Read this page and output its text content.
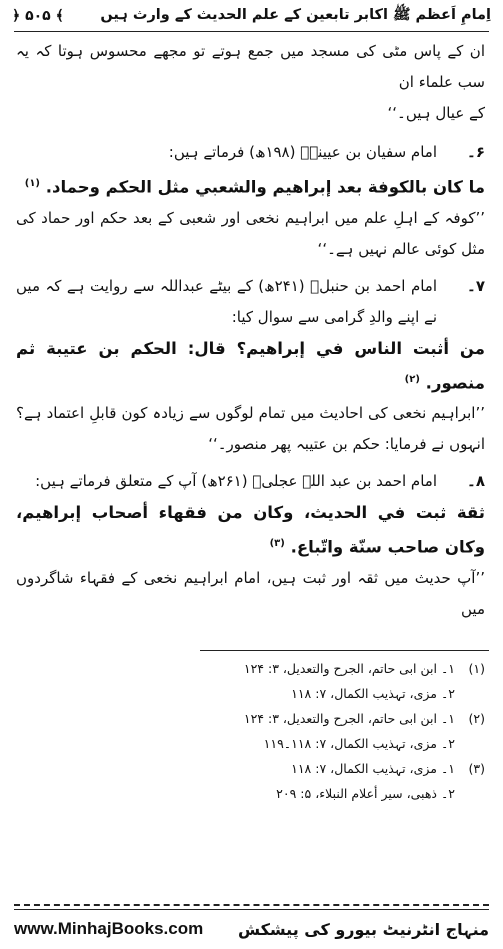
اِمامِ اَعظم ﷺ اکابر تابعین کے علم الحدیث کے وارث ہیں
﴿ ۵۰۵ ﴾
ان کے پاس مٹی کی مسجد میں جمع ہوتے تو مجھے محسوس ہوتا کہ یہ سب علماء ان
کے عیال ہیں۔‘‘
۶۔
امام سفیان بن عیینہؒ (۱۹۸ھ) فرماتے ہیں:
ما كان بالكوفة بعد إبراهيم والشعبي مثل الحكم وحماد. $^{(۱)}$
’’کوفہ کے اہلِ علم میں ابراہیم نخعی اور شعبی کے بعد حکم اور حماد کی مثل کوئی عالم نہیں ہے۔‘‘
۷۔
امام احمد بن حنبلؒ (۲۴۱ھ) کے بیٹے عبداللہ سے روایت ہے کہ میں نے اپنے والدِ گرامی سے سوال کیا:
من أثبت الناس في إبراهيم؟ قال: الحكم بن عتيبة ثم منصور. $^{(۲)}$
’’ابراہیم نخعی کی احادیث میں تمام لوگوں سے زیادہ کون قابلِ اعتماد ہے؟ انہوں نے فرمایا: حکم بن عتیبہ پھر منصور۔‘‘
۸۔
امام احمد بن عبد اللہ عجلیؒ (۲۶۱ھ) آپ کے متعلق فرماتے ہیں:
ثقة ثبت في الحديث، وكان من فقهاء أصحاب إبراهيم، وكان صاحب سنّة واتّباع. $^{(۳)}$
’’آپ حدیث میں ثقہ اور ثبت ہیں، امام ابراہیم نخعی کے فقہاء شاگردوں میں
(۱)
۱۔ ابن ابی حاتم، الجرح والتعدیل، ۳: ۱۲۴
۲۔ مزی، تہذیب الکمال، ۷: ۱۱۸
(۲)
۱۔ ابن ابی حاتم، الجرح والتعدیل، ۳: ۱۲۴
۲۔ مزی، تہذیب الکمال، ۷: ۱۱۸۔۱۱۹
(۳)
۱۔ مزی، تہذیب الکمال، ۷: ۱۱۸
۲۔ ذھبی، سیر أعلام النبلاء، ۵: ۲۰۹
www.MinhajBooks.com منہاج انٹرنیٹ بیورو کی پیشکش
